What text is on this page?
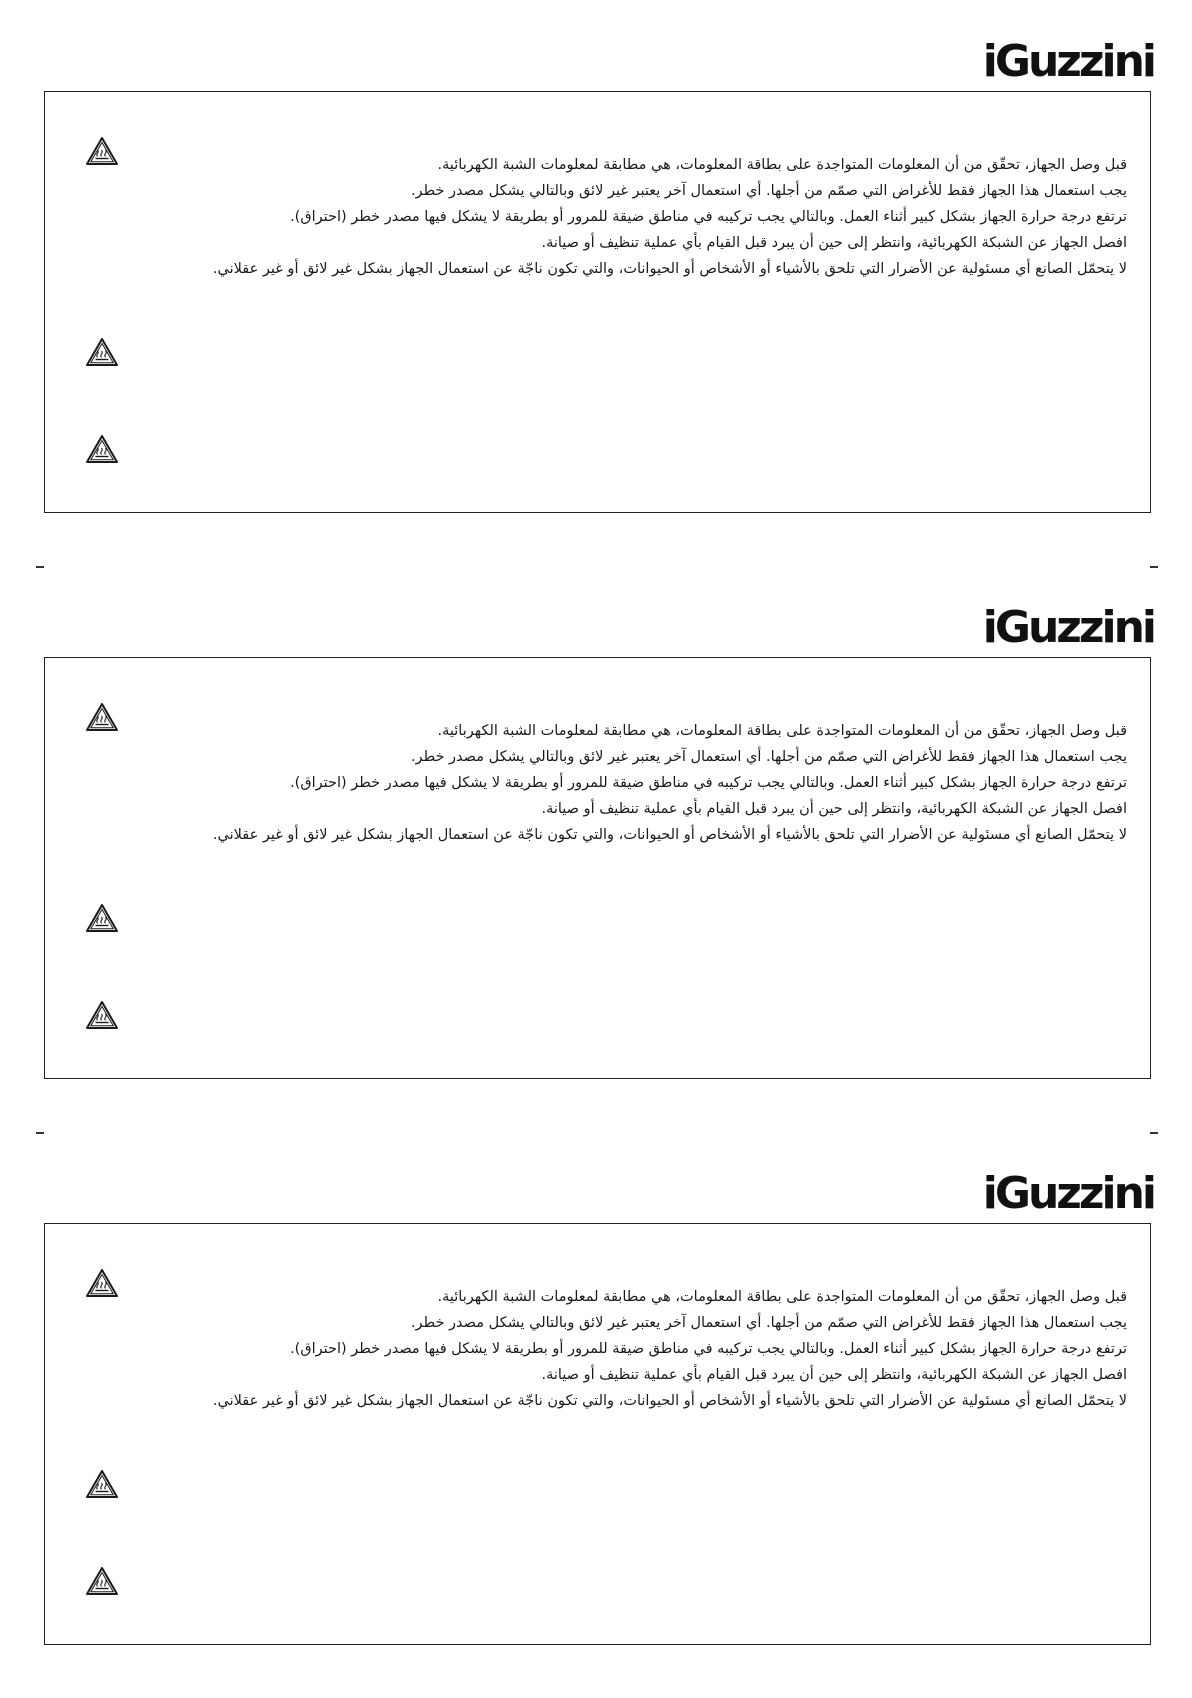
iGuzzini

قبل وصل الجهاز، تحقّق من أن المعلومات المتواجدة على بطاقة المعلومات، هي مطابقة لمعلومات الشبة الكهربائية.

يجب استعمال هذا الجهاز فقط للأغراض التي صمّم من أجلها. أي استعمال آخر يعتبر غير لائق وبالتالي يشكل مصدر خطر.

ترتفع درجة حرارة الجهاز بشكل كبير أثناء العمل. وبالتالي يجب تركيبه في مناطق ضيقة للمرور أو بطريقة لا يشكل فيها مصدر خطر (احتراق).

افصل الجهاز عن الشبكة الكهربائية، وانتظر إلى حين أن يبرد قبل القيام بأي عملية تنظيف أو صيانة.

لا يتحمّل الصانع أي مسئولية عن الأضرار التي تلحق بالأشياء أو الأشخاص أو الحيوانات، والتي تكون ناجّة عن استعمال الجهاز بشكل غير لائق أو غير عقلاني.

iGuzzini

قبل وصل الجهاز، تحقّق من أن المعلومات المتواجدة على بطاقة المعلومات، هي مطابقة لمعلومات الشبة الكهربائية.

يجب استعمال هذا الجهاز فقط للأغراض التي صمّم من أجلها. أي استعمال آخر يعتبر غير لائق وبالتالي يشكل مصدر خطر.

ترتفع درجة حرارة الجهاز بشكل كبير أثناء العمل. وبالتالي يجب تركيبه في مناطق ضيقة للمرور أو بطريقة لا يشكل فيها مصدر خطر (احتراق).

افصل الجهاز عن الشبكة الكهربائية، وانتظر إلى حين أن يبرد قبل القيام بأي عملية تنظيف أو صيانة.

لا يتحمّل الصانع أي مسئولية عن الأضرار التي تلحق بالأشياء أو الأشخاص أو الحيوانات، والتي تكون ناجّة عن استعمال الجهاز بشكل غير لائق أو غير عقلاني.

iGuzzini

قبل وصل الجهاز، تحقّق من أن المعلومات المتواجدة على بطاقة المعلومات، هي مطابقة لمعلومات الشبة الكهربائية.

يجب استعمال هذا الجهاز فقط للأغراض التي صمّم من أجلها. أي استعمال آخر يعتبر غير لائق وبالتالي يشكل مصدر خطر.

ترتفع درجة حرارة الجهاز بشكل كبير أثناء العمل. وبالتالي يجب تركيبه في مناطق ضيقة للمرور أو بطريقة لا يشكل فيها مصدر خطر (احتراق).

افصل الجهاز عن الشبكة الكهربائية، وانتظر إلى حين أن يبرد قبل القيام بأي عملية تنظيف أو صيانة.

لا يتحمّل الصانع أي مسئولية عن الأضرار التي تلحق بالأشياء أو الأشخاص أو الحيوانات، والتي تكون ناجّة عن استعمال الجهاز بشكل غير لائق أو غير عقلاني.
